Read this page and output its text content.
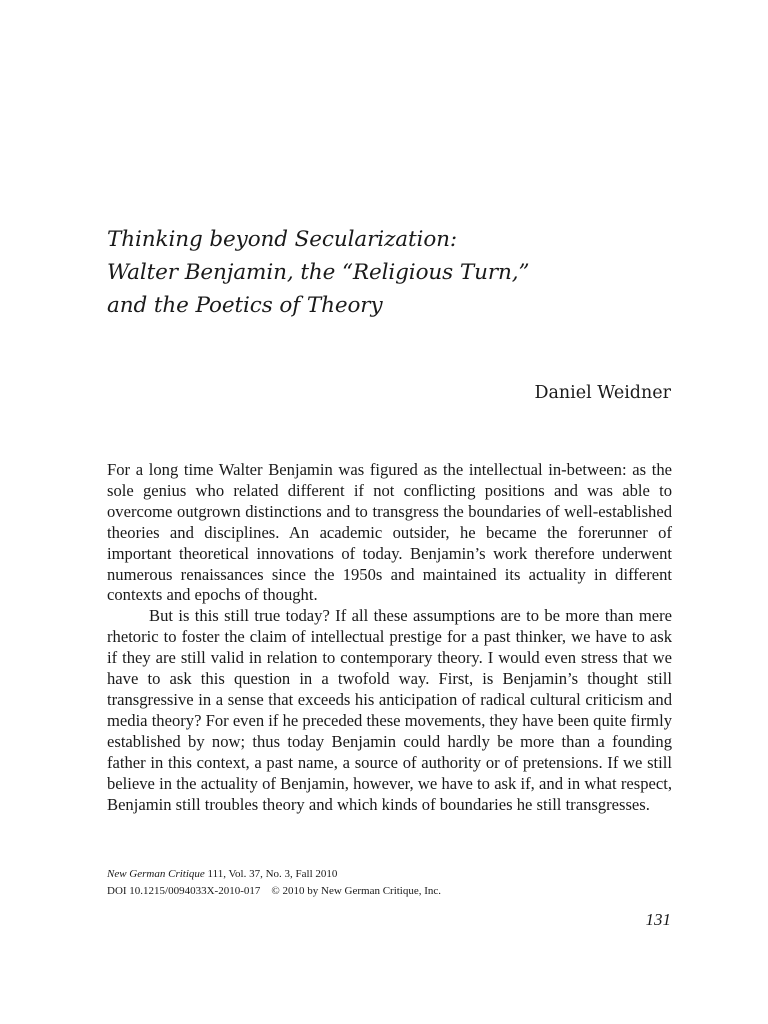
Thinking beyond Secularization:
Walter Benjamin, the “Religious Turn,”
and the Poetics of Theory
Daniel Weidner

For a long time Walter Benjamin was figured as the intellectual in-between: as the sole genius who related different if not conflicting positions and was able to overcome outgrown distinctions and to transgress the boundaries of well-established theories and disciplines. An academic outsider, he became the forerunner of important theoretical innovations of today. Benjamin’s work therefore underwent numerous renaissances since the 1950s and maintained its actuality in different contexts and epochs of thought.

But is this still true today? If all these assumptions are to be more than mere rhetoric to foster the claim of intellectual prestige for a past thinker, we have to ask if they are still valid in relation to contemporary theory. I would even stress that we have to ask this question in a twofold way. First, is Benjamin’s thought still transgressive in a sense that exceeds his anticipation of radical cultural criticism and media theory? For even if he preceded these movements, they have been quite firmly established by now; thus today Benjamin could hardly be more than a founding father in this context, a past name, a source of authority or of pretensions. If we still believe in the actuality of Benjamin, however, we have to ask if, and in what respect, Benjamin still troubles theory and which kinds of boundaries he still transgresses.

New German Critique 111, Vol. 37, No. 3, Fall 2010
DOI 10.1215/0094033X-2010-017 © 2010 by New German Critique, Inc.
131
